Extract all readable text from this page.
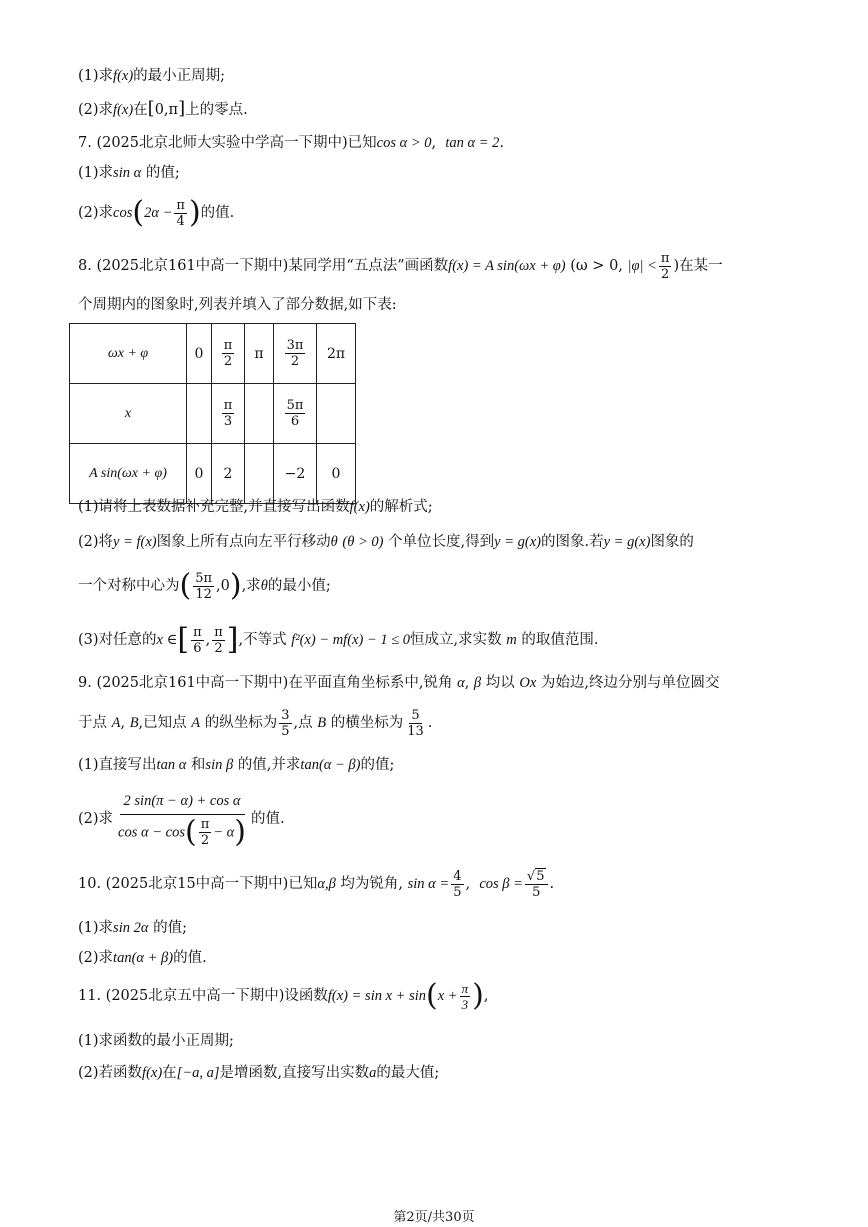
(1)求f(x)的最小正周期;
(2)求f(x)在[0,π]上的零点.
7. (2025北京北师大实验中学高一下期中)已知cos α > 0, tan α = 2.
(1)求sin α 的值;
(2)求$\cos(2\alpha - \frac{\pi}{4}$ )的值.
8. (2025北京161中高一下期中)某同学用“五点法”画函数f(x) = A sin(ωx + φ) (ω > 0, $|\varphi| < \frac{\pi}{2}$ )在某一
个周期内的图象时,列表并填入了部分数据,如下表:
ωx + φ	0	$\frac{\pi}{2}$	π	$\frac{3\pi}{2}$	2π
x		$\frac{\pi}{3}$		$\frac{5\pi}{6}$

A sin(ωx + φ)	0	2		−2	0
(1)请将上表数据补充完整,并直接写出函数f(x)的解析式;
(2)将y = f(x)图象上所有点向左平行移动θ (θ > 0) 个单位长度,得到y = g(x)的图象.若y = g(x)图象的
一个对称中心为( $\frac{5\pi}{12} ,0$),求θ的最小值;
(3)对任意的x ∈[ $\frac{\pi}{6}$ , $\frac{\pi}{2}$ ],不等式 f²(x) − mf(x) − 1 ≤ 0恒成立,求实数 m 的取值范围.
9. (2025北京161中高一下期中)在平面直角坐标系中,锐角 α, β 均以 Ox 为始边,终边分别与单位圆交
于点 A, B,已知点 A 的纵坐标为 $\frac{3}{5}$ ,点 B 的横坐标为 $\frac{5}{13}$ .
(1)直接写出tan α 和sin β 的值,并求tan(α − β)的值;
(2)求 $\frac{\text{2 sin(π − α) + cos α}}{\cos \alpha - \cos( \frac{\pi}{2} - \alpha)}$ 的值.
10. (2025北京15中高一下期中)已知α,β 均为锐角, $\sin \alpha = \frac{4}{5}$ ,  $\cos \beta = \frac{√5}{5}$ .
(1)求sin 2α 的值;
(2)求tan(α + β)的值.
11. (2025北京五中高一下期中)设函数$f(x) = \sin x + \sin(x + \frac{\pi}{3}$ ),
(1)求函数的最小正周期;
(2)若函数f(x)在[−a, a]是增函数,直接写出实数a的最大值;
第2页/共30页
